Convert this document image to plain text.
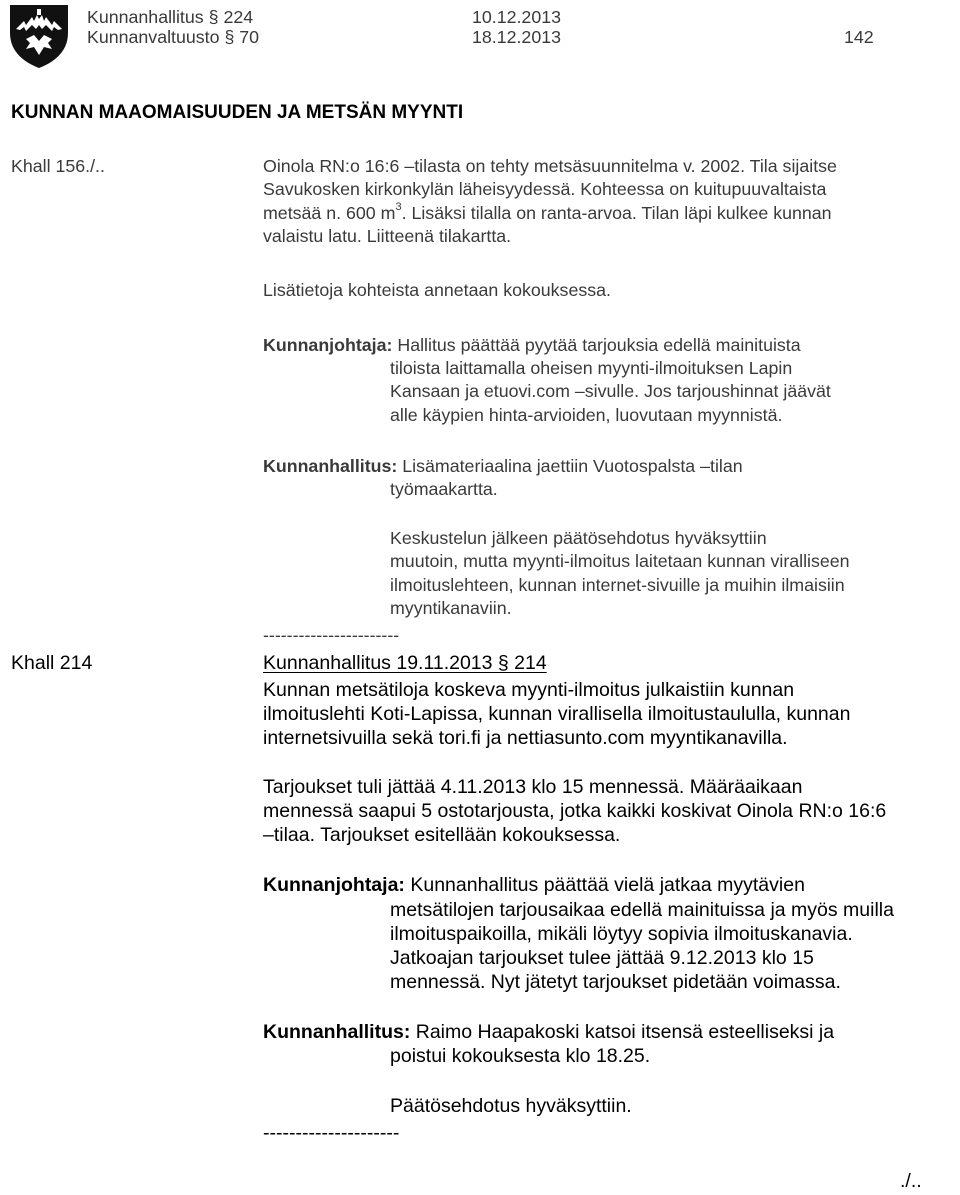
Kunnanhallitus § 224	10.12.2013
Kunnanvaltuusto § 70	18.12.2013	142
KUNNAN MAAOMAISUUDEN JA METSÄN MYYNTI
Khall 156./..	Oinola RN:o 16:6 –tilasta on tehty metsäsuunnitelma v. 2002. Tila sijaitse
Savukosken kirkonkylän läheisyydessä. Kohteessa on kuitupuuvaltaista
metsää n. 600 $m^3$. Lisäksi tilalla on ranta-arvoa. Tilan läpi kulkee kunnan
valaistu latu. Liitteenä tilakartta.
Lisätietoja kohteista annetaan kokouksessa.
Kunnanjohtaja: Hallitus päättää pyytää tarjouksia edellä mainituista
tiloista laittamalla oheisen myynti-ilmoituksen Lapin
Kansaan ja etuovi.com –sivulle. Jos tarjoushinnat jäävät
alle käypien hinta-arvioiden, luovutaan myynnistä.
Kunnanhallitus: Lisämateriaalina jaettiin Vuotospalsta –tilan
työmaakartta.
Keskustelun jälkeen päätösehdotus hyväksyttiin
muutoin, mutta myynti-ilmoitus laitetaan kunnan viralliseen
ilmoituslehteen, kunnan internet-sivuille ja muihin ilmaisiin
myyntikanaviin.
-----------------------
Khall 214	Kunnanhallitus 19.11.2013 § 214
Kunnan metsätiloja koskeva myynti-ilmoitus julkaistiin kunnan
ilmoituslehti Koti-Lapissa, kunnan virallisella ilmoitustaululla, kunnan
internetsivuilla sekä tori.fi ja nettiasunto.com myyntikanavilla.
Tarjoukset tuli jättää 4.11.2013 klo 15 mennessä. Määräaikaan
mennessä saapui 5 ostotarjousta, jotka kaikki koskivat Oinola RN:o 16:6
–tilaa. Tarjoukset esitellään kokouksessa.
Kunnanjohtaja: Kunnanhallitus päättää vielä jatkaa myytävien
metsätilojen tarjousaikaa edellä mainituissa ja myös muilla
ilmoituspaikoilla, mikäli löytyy sopivia ilmoituskanavia.
Jatkoajan tarjoukset tulee jättää 9.12.2013 klo 15
mennessä. Nyt jätetyt tarjoukset pidetään voimassa.
Kunnanhallitus: Raimo Haapakoski katsoi itsensä esteelliseksi ja
poistui kokouksesta klo 18.25.
Päätösehdotus hyväksyttiin.
---------------------
./..
